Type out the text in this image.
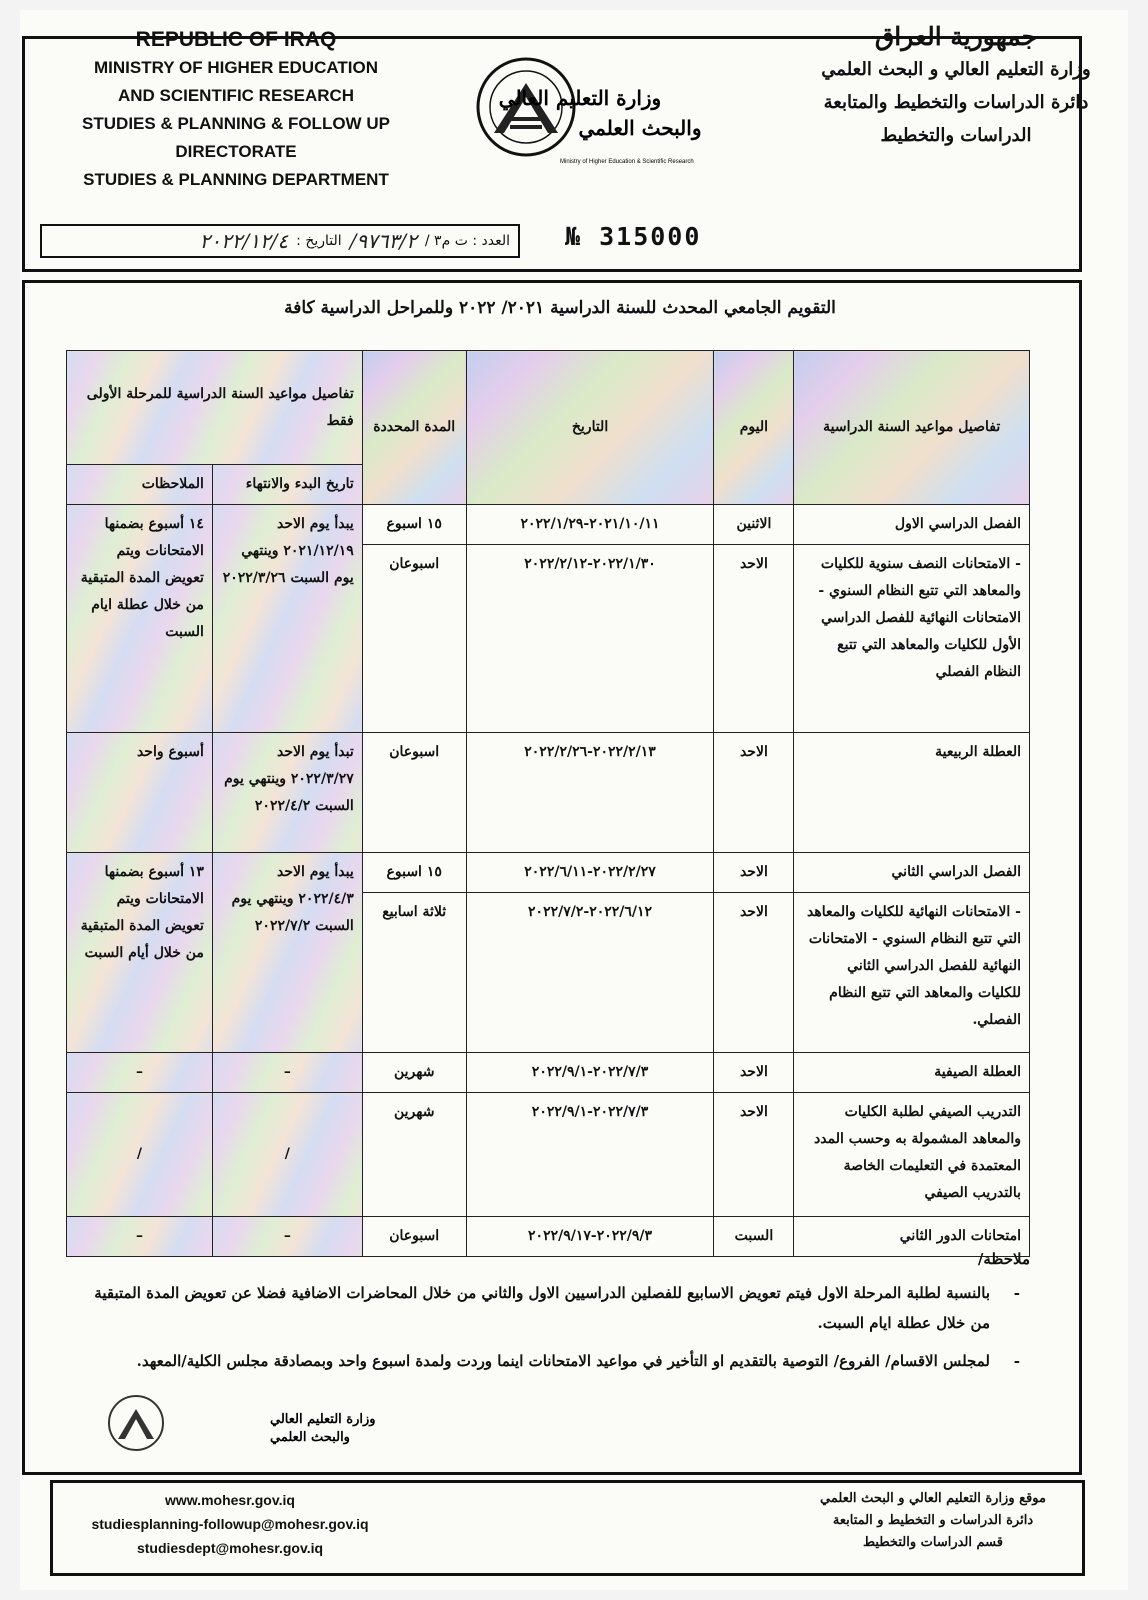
REPUBLIC OF IRAQ
MINISTRY OF HIGHER EDUCATION
AND SCIENTIFIC RESEARCH
STUDIES & PLANNING & FOLLOW UP DIRECTORATE
STUDIES & PLANNING DEPARTMENT
وزارة التعليم العالي
والبحث العلمي
Ministry of Higher Education & Scientific Research
جمهورية العراق
وزارة التعليم العالي و البحث العلمي
دائرة الدراسات والتخطيط والمتابعة
الدراسات والتخطيط
العدد : ت م٣ /
٩٧٦٣/٢/
التاريخ :
٢٠٢٢/١٢/٤	№ 315000
التقويم الجامعي المحدث للسنة الدراسية ٢٠٢١/ ٢٠٢٢ وللمراحل الدراسية كافة
تفاصيل مواعيد السنة الدراسية	اليوم	التاريخ	المدة المحددة	تفاصيل مواعيد السنة الدراسية للمرحلة الأولى فقط	
				تاريخ البدء والانتهاء	الملاحظات
الفصل الدراسي الاول	الاثنين	٢٠٢١/١٠/١١-٢٠٢٢/١/٢٩	١٥ اسبوع	يبدأ يوم الاحد ٢٠٢١/١٢/١٩ وينتهي يوم السبت ٢٠٢٢/٣/٢٦	١٤ أسبوع بضمنها الامتحانات ويتم تعويض المدة المتبقية من خلال عطلة ايام السبت
- الامتحانات النصف سنوية للكليات والمعاهد التي تتبع النظام السنوي - الامتحانات النهائية للفصل الدراسي الأول للكليات والمعاهد التي تتبع النظام الفصلي	الاحد	٢٠٢٢/١/٣٠-٢٠٢٢/٢/١٢	اسبوعان		
العطلة الربيعية	الاحد	٢٠٢٢/٢/١٣-٢٠٢٢/٢/٢٦	اسبوعان	تبدأ يوم الاحد ٢٠٢٢/٣/٢٧ وينتهي يوم السبت ٢٠٢٢/٤/٢	أسبوع واحد
الفصل الدراسي الثاني	الاحد	٢٠٢٢/٢/٢٧-٢٠٢٢/٦/١١	١٥ اسبوع	يبدأ يوم الاحد ٢٠٢٢/٤/٣ وينتهي يوم السبت ٢٠٢٢/٧/٢	١٣ أسبوع بضمنها الامتحانات ويتم تعويض المدة المتبقية من خلال أيام السبت
- الامتحانات النهائية للكليات والمعاهد التي تتبع النظام السنوي - الامتحانات النهائية للفصل الدراسي الثاني للكليات والمعاهد التي تتبع النظام الفصلي.	الاحد	٢٠٢٢/٦/١٢-٢٠٢٢/٧/٢	ثلاثة اسابيع		
العطلة الصيفية	الاحد	٢٠٢٢/٧/٣-٢٠٢٢/٩/١	شهرين	–	–
التدريب الصيفي لطلبة الكليات والمعاهد المشمولة به وحسب المدد المعتمدة في التعليمات الخاصة بالتدريب الصيفي	الاحد	٢٠٢٢/٧/٣-٢٠٢٢/٩/١	شهرين	/	/
امتحانات الدور الثاني	السبت	٢٠٢٢/٩/٣-٢٠٢٢/٩/١٧	اسبوعان	–	–
ملاحظة/
-
بالنسبة لطلبة المرحلة الاول فيتم تعويض الاسابيع للفصلين الدراسيين الاول والثاني من خلال المحاضرات الاضافية فضلا عن تعويض المدة المتبقية من خلال عطلة ايام السبت.
-
لمجلس الاقسام/ الفروع/ التوصية بالتقديم او التأخير في مواعيد الامتحانات اينما وردت ولمدة اسبوع واحد وبمصادقة مجلس الكلية/المعهد.
وزارة التعليم العالي
والبحث العلمي
www.mohesr.gov.iq
studiesplanning-followup@mohesr.gov.iq
studiesdept@mohesr.gov.iq
موقع وزارة التعليم العالي و البحث العلمي
دائرة الدراسات و التخطيط و المتابعة
قسم الدراسات والتخطيط
